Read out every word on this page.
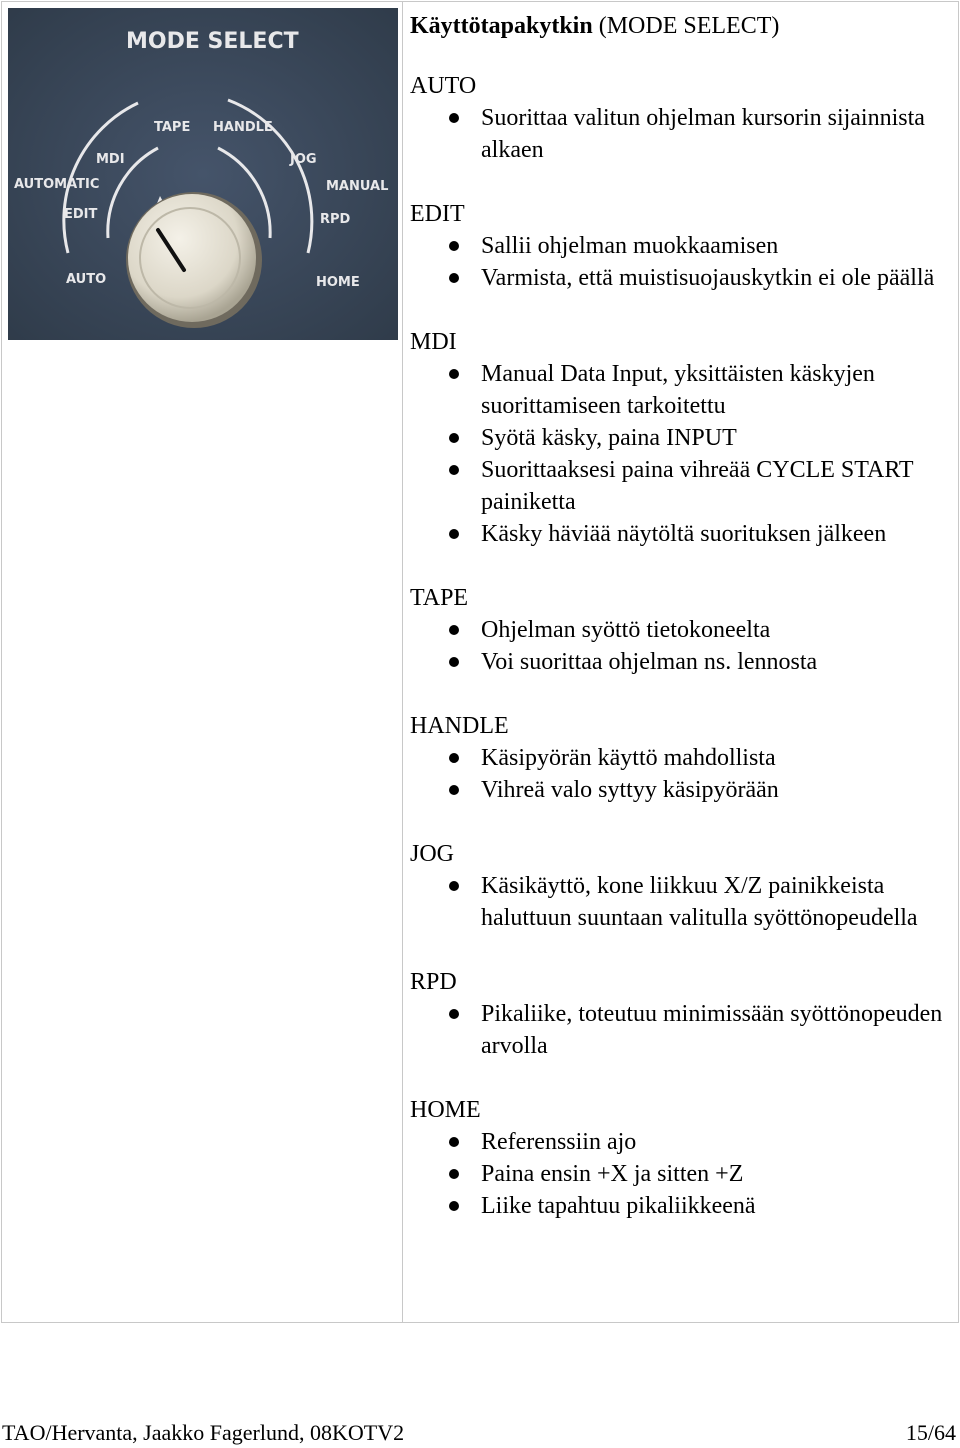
MODE SELECT
AUTOMATIC
MDI
TAPE HANDLE
JOG
MANUAL
EDIT	RPD
AUTO	HOME
Käyttötapakytkin (MODE SELECT)
AUTO
Suorittaa valitun ohjelman kursorin sijainnista alkaen
EDIT
Sallii ohjelman muokkaamisen
Varmista, että muistisuojauskytkin ei ole päällä
MDI
Manual Data Input, yksittäisten käskyjen suorittamiseen tarkoitettu
Syötä käsky, paina INPUT
Suorittaaksesi paina vihreää CYCLE START painiketta
Käsky häviää näytöltä suorituksen jälkeen
TAPE
Ohjelman syöttö tietokoneelta
Voi suorittaa ohjelman ns. lennosta
HANDLE
Käsipyörän käyttö mahdollista
Vihreä valo syttyy käsipyörään
JOG
Käsikäyttö, kone liikkuu X/Z painikkeista haluttuun suuntaan valitulla syöttönopeudella
RPD
Pikaliike, toteutuu minimissään syöttönopeuden arvolla
HOME
Referenssiin ajo
Paina ensin +X ja sitten +Z
Liike tapahtuu pikaliikkeenä
TAO/Hervanta, Jaakko Fagerlund, 08KOTV2	15/64
